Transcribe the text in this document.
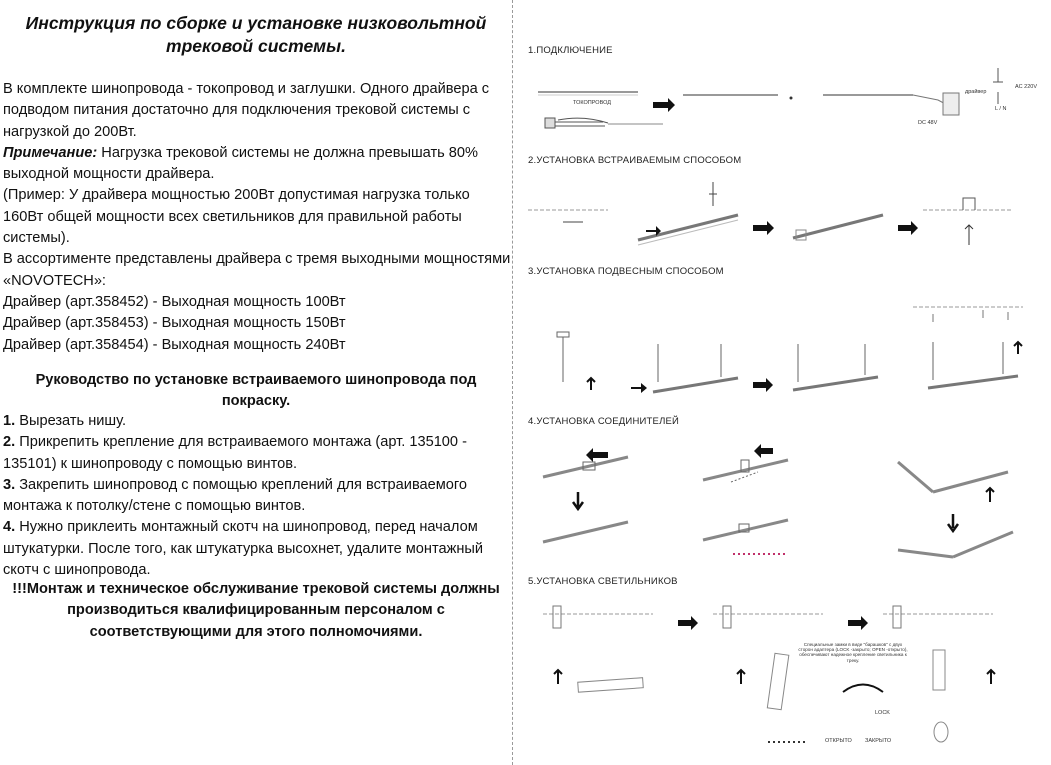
Инструкция по сборке и установке низковольтной трековой системы.

В комплекте шинопровода - токопровод и заглушки. Одного драйвера с подводом питания достаточно для подключения трековой системы с нагрузкой до 200Вт.

Примечание: Нагрузка трековой системы не должна превышать 80% выходной мощности драйвера.

(Пример: У драйвера мощностью 200Вт допустимая нагрузка только 160Вт общей мощности всех светильников для правильной работы системы).

В ассортименте представлены драйвера с тремя выходными мощностями «NOVOTECH»:

Драйвер (арт.358452) - Выходная мощность 100Вт

Драйвер (арт.358453) - Выходная мощность 150Вт

Драйвер (арт.358454) - Выходная мощность 240Вт

Руководство по установке встраиваемого шинопровода под покраску.

1. Вырезать нишу.

2. Прикрепить крепление для встраиваемого монтажа (арт. 135100 - 135101) к шинопроводу с помощью винтов.

3. Закрепить шинопровод с помощью креплений для встраиваемого монтажа к потолку/стене с помощью винтов.

4. Нужно приклеить монтажный скотч на шинопровод, перед началом штукатурки. После того, как штукатурка высохнет, удалите монтажный скотч с шинопровода.

!!!Монтаж и техническое обслуживание трековой системы должны производиться квалифицированным персоналом с соответствующими для этого полномочиями.
1.ПОДКЛЮЧЕНИЕ
ТОКОПРОВОД
драйвер
AC 220V
L / N
DC 48V
2.УСТАНОВКА ВСТРАИВАЕМЫМ СПОСОБОМ
3.УСТАНОВКА ПОДВЕСНЫМ СПОСОБОМ
4.УСТАНОВКА СОЕДИНИТЕЛЕЙ
5.УСТАНОВКА СВЕТИЛЬНИКОВ
Специальные замки в виде "барашков" с двух сторон адаптера (LOCK -закрыто; OPEN -открыто), обеспечивают надежное крепление светильника к треку.
ОТКРЫТО ЗАКРЫТО
LOCK
